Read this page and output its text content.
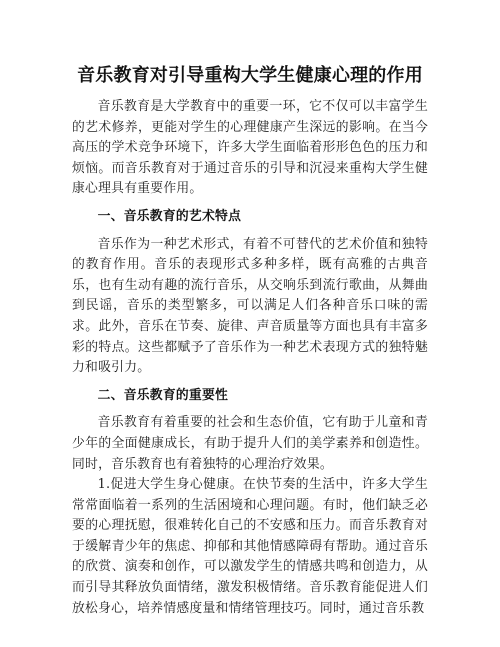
音乐教育对引导重构大学生健康心理的作用

音乐教育是大学教育中的重要一环，它不仅可以丰富学生的艺术修养，更能对学生的心理健康产生深远的影响。在当今高压的学术竞争环境下，许多大学生面临着形形色色的压力和烦恼。而音乐教育对于通过音乐的引导和沉浸来重构大学生健康心理具有重要作用。

一、音乐教育的艺术特点

音乐作为一种艺术形式，有着不可替代的艺术价值和独特的教育作用。音乐的表现形式多种多样，既有高雅的古典音乐，也有生动有趣的流行音乐，从交响乐到流行歌曲，从舞曲到民谣，音乐的类型繁多，可以满足人们各种音乐口味的需求。此外，音乐在节奏、旋律、声音质量等方面也具有丰富多彩的特点。这些都赋予了音乐作为一种艺术表现方式的独特魅力和吸引力。

二、音乐教育的重要性

音乐教育有着重要的社会和生态价值，它有助于儿童和青少年的全面健康成长，有助于提升人们的美学素养和创造性。同时，音乐教育也有着独特的心理治疗效果。

1.促进大学生身心健康。在快节奏的生活中，许多大学生常常面临着一系列的生活困境和心理问题。有时，他们缺乏必要的心理抚慰，很难转化自己的不安感和压力。而音乐教育对于缓解青少年的焦虑、抑郁和其他情感障碍有帮助。通过音乐的欣赏、演奏和创作，可以激发学生的情感共鸣和创造力，从而引导其释放负面情绪，激发积极情绪。音乐教育能促进人们放松身心，培养情感度量和情绪管理技巧。同时，通过音乐教
